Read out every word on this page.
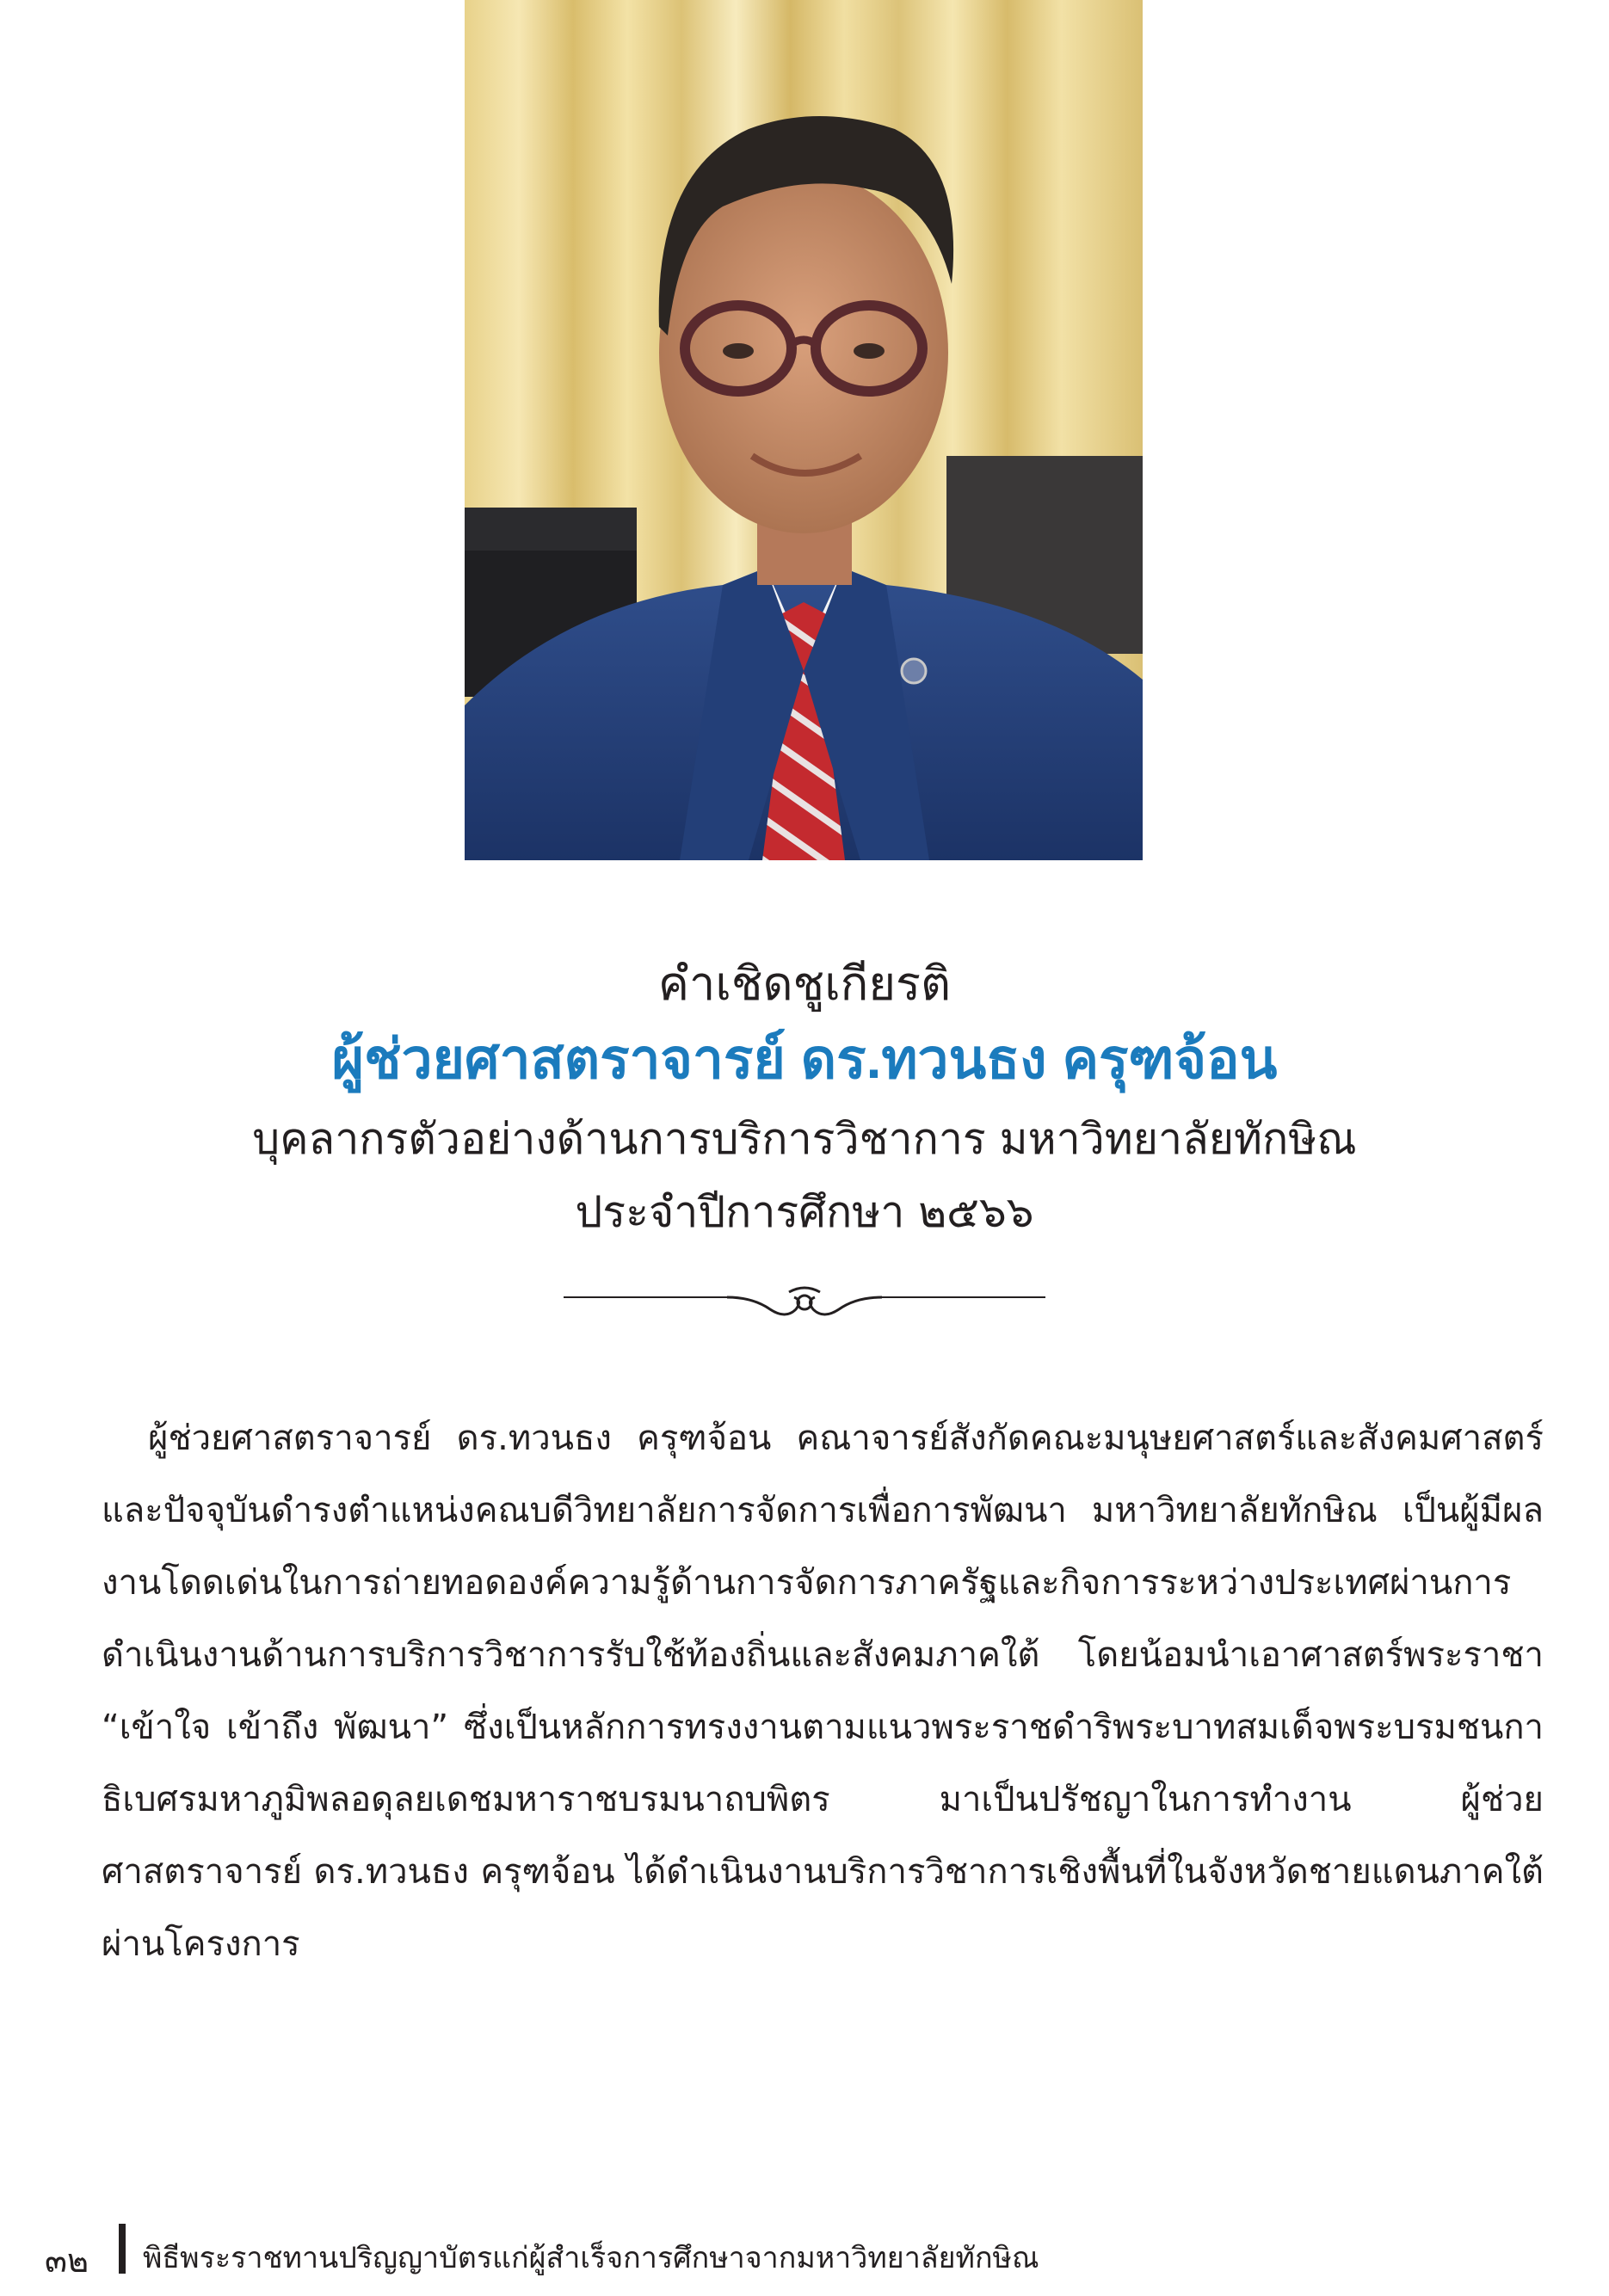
คำเชิดชูเกียรติ
ผู้ช่วยศาสตราจารย์ ดร.ทวนธง ครุฑจ้อน
บุคลากรตัวอย่างด้านการบริการวิชาการ มหาวิทยาลัยทักษิณ
ประจำปีการศึกษา ๒๕๖๖
ผู้ช่วยศาสตราจารย์ ดร.ทวนธง ครุฑจ้อน คณาจารย์สังกัดคณะมนุษยศาสตร์และสังคมศาสตร์ และปัจจุบันดำรงตำแหน่งคณบดีวิทยาลัยการจัดการเพื่อการพัฒนา มหาวิทยาลัยทักษิณ เป็นผู้มีผลงานโดดเด่นในการถ่ายทอดองค์ความรู้ด้านการจัดการภาครัฐและกิจการระหว่างประเทศผ่านการดำเนินงานด้านการบริการวิชาการรับใช้ท้องถิ่นและสังคมภาคใต้ โดยน้อมนำเอาศาสตร์พระราชา “เข้าใจ เข้าถึง พัฒนา” ซึ่งเป็นหลักการทรงงานตามแนวพระราชดำริพระบาทสมเด็จพระบรมชนกาธิเบศรมหาภูมิพลอดุลยเดชมหาราชบรมนาถบพิตร มาเป็นปรัชญาในการทำงาน ผู้ช่วยศาสตราจารย์ ดร.ทวนธง ครุฑจ้อน ได้ดำเนินงานบริการวิชาการเชิงพื้นที่ในจังหวัดชายแดนภาคใต้ผ่านโครงการ
๓๒ พิธีพระราชทานปริญญาบัตรแก่ผู้สำเร็จการศึกษาจากมหาวิทยาลัยทักษิณ
